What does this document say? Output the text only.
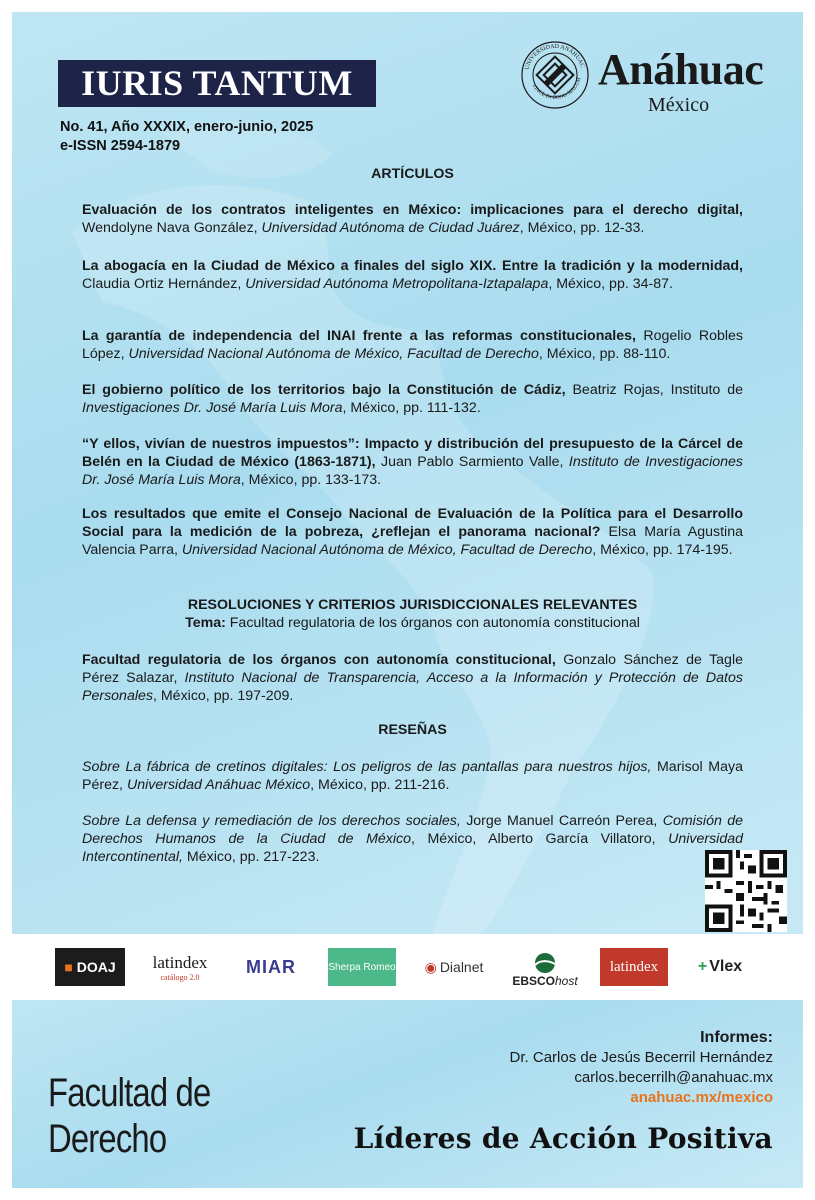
IURIS TANTUM
No. 41, Año XXXIX, enero-junio, 2025
e-ISSN 2594-1879
UNIVERSIDAD ANÁHUAC
VINCE IN BONO MALUM Anáhuac
México
ARTÍCULOS

Evaluación de los contratos inteligentes en México: implicaciones para el derecho digital, Wendolyne Nava González, Universidad Autónoma de Ciudad Juárez, México, pp. 12-33.

La abogacía en la Ciudad de México a finales del siglo XIX. Entre la tradición y la modernidad, Claudia Ortiz Hernández, Universidad Autónoma Metropolitana-Iztapalapa, México, pp. 34-87.

La garantía de independencia del INAI frente a las reformas constitucionales, Rogelio Robles López, Universidad Nacional Autónoma de México, Facultad de Derecho, México, pp. 88-110.

El gobierno político de los territorios bajo la Constitución de Cádiz, Beatriz Rojas, Instituto de Investigaciones Dr. José María Luis Mora, México, pp. 111-132.

“Y ellos, vivían de nuestros impuestos”: Impacto y distribución del presupuesto de la Cárcel de Belén en la Ciudad de México (1863-1871), Juan Pablo Sarmiento Valle, Instituto de Investigaciones Dr. José María Luis Mora, México, pp. 133-173.

Los resultados que emite el Consejo Nacional de Evaluación de la Política para el Desarrollo Social para la medición de la pobreza, ¿reflejan el panorama nacional? Elsa María Agustina Valencia Parra, Universidad Nacional Autónoma de México, Facultad de Derecho, México, pp. 174-195.

RESOLUCIONES Y CRITERIOS JURISDICCIONALES RELEVANTES
Tema: Facultad regulatoria de los órganos con autonomía constitucional

Facultad regulatoria de los órganos con autonomía constitucional, Gonzalo Sánchez de Tagle Pérez Salazar, Instituto Nacional de Transparencia, Acceso a la Información y Protección de Datos Personales, México, pp. 197-209.

RESEÑAS

Sobre La fábrica de cretinos digitales: Los peligros de las pantallas para nuestros hijos, Marisol Maya Pérez, Universidad Anáhuac México, México, pp. 211-216.

Sobre La defensa y remediación de los derechos sociales, Jorge Manuel Carreón Perea, Comisión de Derechos Humanos de la Ciudad de México, México, Alberto García Villatoro, Universidad Intercontinental, México, pp. 217-223.

■ DOAJ latindex
catálogo 2.0
MIAR	Sherpa Romeo ◉ Dialnet
EBSCOhost
latindex + Vlex
Facultad de
Derecho
Informes:
Dr. Carlos de Jesús Becerril Hernández
carlos.becerrilh@anahuac.mx
anahuac.mx/mexico
Líderes de Acción Positiva
